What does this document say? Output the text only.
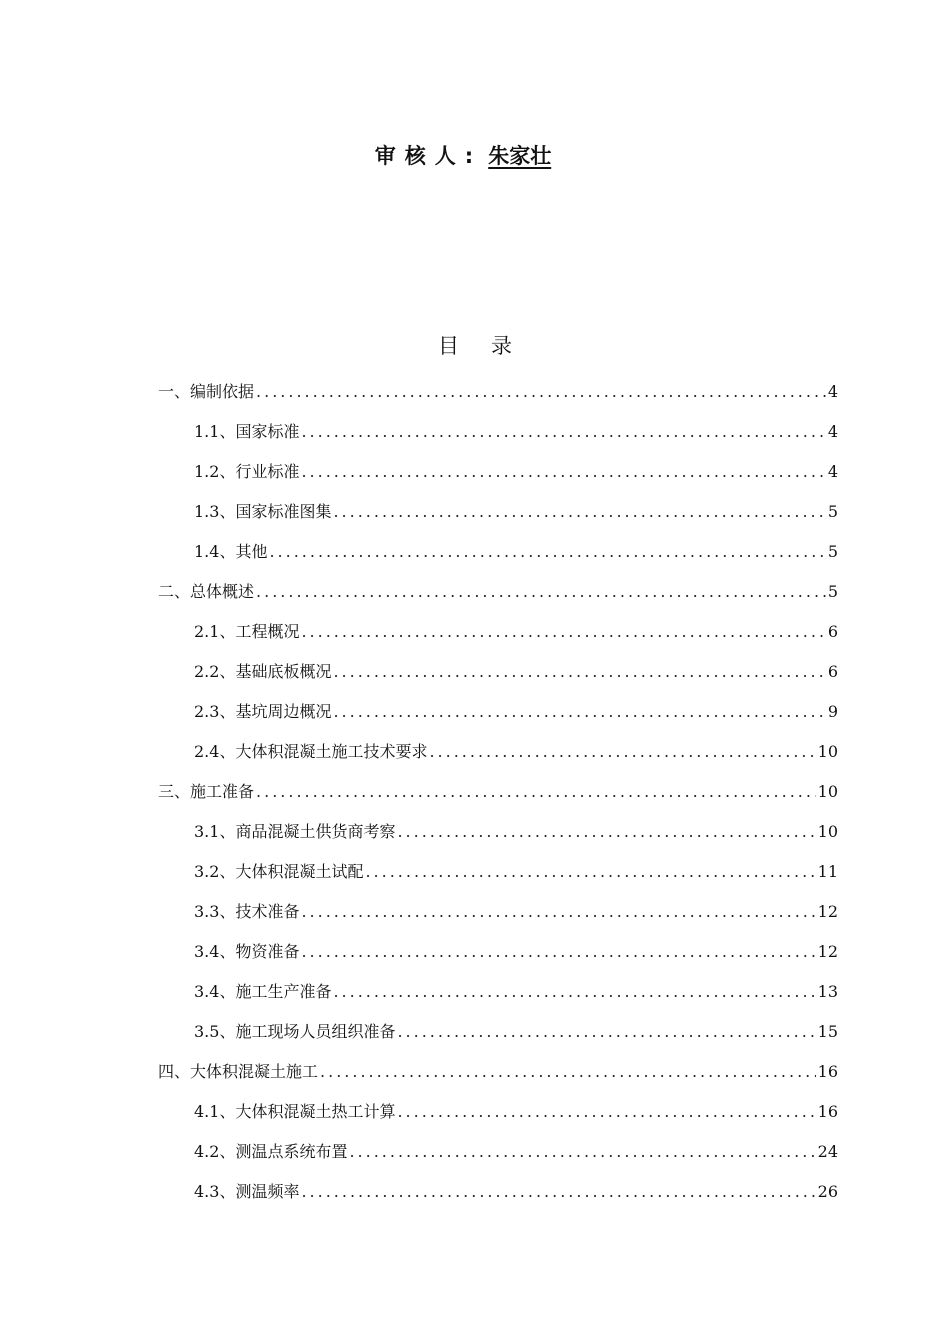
审核人: 朱家壮
目 录
一、编制依据 .....	4
1.1、国家标准 .....	4
1.2、行业标准 .....	4
1.3、国家标准图集 .....	5
1.4、其他 .....	5
二、总体概述 .....	5
2.1、工程概况 .....	6
2.2、基础底板概况 .....	6
2.3、基坑周边概况 .....	9
2.4、大体积混凝土施工技术要求 .....	10
三、施工准备 .....	10
3.1、商品混凝土供货商考察 .....	10
3.2、大体积混凝土试配 .....	11
3.3、技术准备 .....	12
3.4、物资准备 .....	12
3.4、施工生产准备 .....	13
3.5、施工现场人员组织准备 .....	15
四、大体积混凝土施工 .....	16
4.1、大体积混凝土热工计算 .....	16
4.2、测温点系统布置 .....	24
4.3、测温频率 .....	26
